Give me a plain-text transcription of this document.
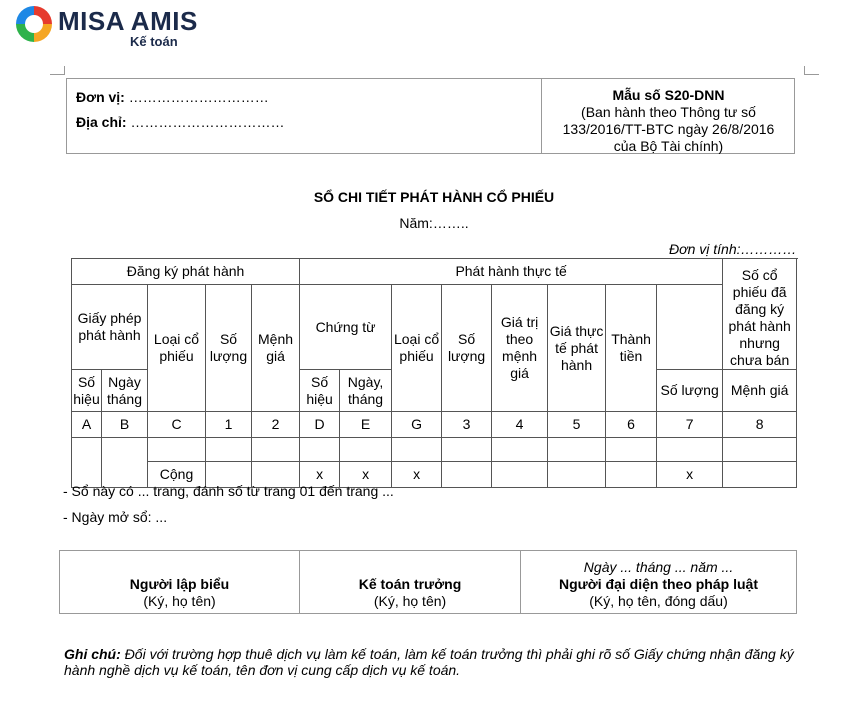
MISA AMIS
Kế toán
Đơn vị: …………………………
Địa chỉ: ……………………………
Mẫu số S20-DNN
(Ban hành theo Thông tư số
133/2016/TT-BTC ngày 26/8/2016
của Bộ Tài chính)
SỔ CHI TIẾT PHÁT HÀNH CỔ PHIẾU
Năm:……..
Đơn vị tính:…………
Đăng ký phát hành					Phát hành thực tế								Số cổ phiếu đã đăng ký phát hành nhưng chưa bán
Giấy phép phát hành		Loại cổ phiếu	Số lượng	Mệnh giá	Chứng từ		Loại cổ phiếu	Số lượng	Giá trị theo mệnh giá	Giá thực tế phát hành	Thành tiền		
Số hiệu	Ngày tháng				Số hiệu	Ngày, tháng						Số lượng	Mệnh giá
A	B	C	1	2	D	E	G	3	4	5	6	7	8

		Cộng			x	x	x					x	
- Sổ này có ... trang, đánh số từ trang 01 đến trang ...
- Ngày mở sổ: ...
Người lập biểu
(Ký, họ tên)

Kế toán trưởng
(Ký, họ tên)

Ngày ... tháng ... năm ...
Người đại diện theo pháp luật
(Ký, họ tên, đóng dấu)
Ghi chú: Đối với trường hợp thuê dịch vụ làm kế toán, làm kế toán trưởng thì phải ghi rõ số Giấy chứng nhận đăng ký hành nghề dịch vụ kế toán, tên đơn vị cung cấp dịch vụ kế toán.
